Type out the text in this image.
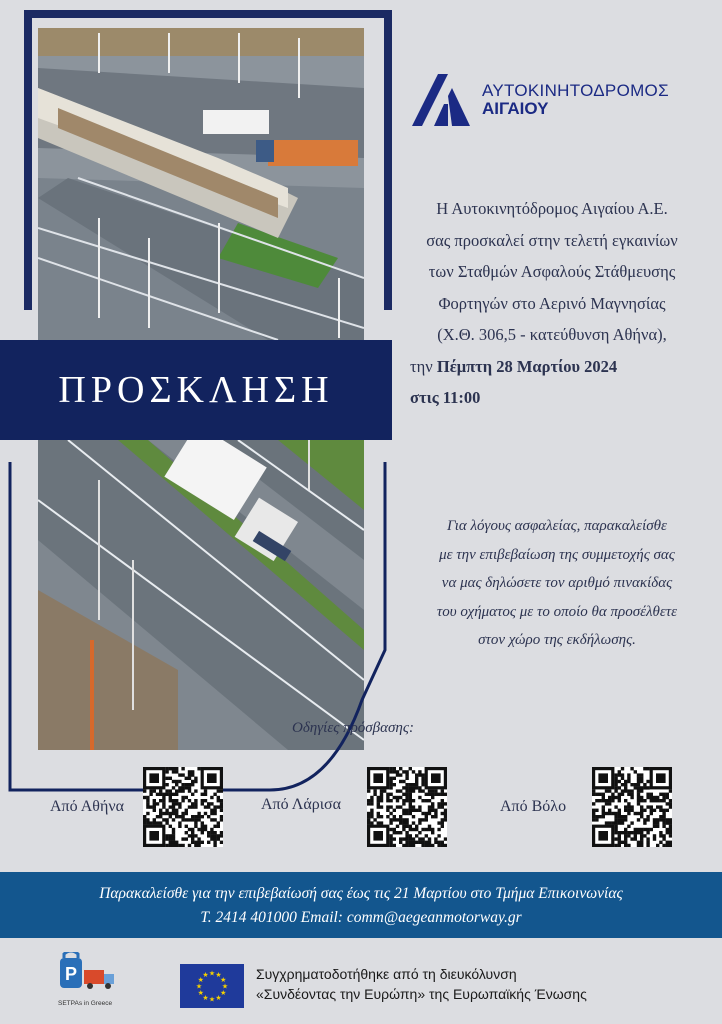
ΠΡΟΣΚΛΗΣΗ
ΑΥΤΟΚΙΝΗΤΟΔΡΟΜΟΣ
ΑΙΓΑΙΟΥ
Η Αυτοκινητόδρομος Αιγαίου Α.Ε.
σας προσκαλεί στην τελετή εγκαινίων
των Σταθμών Ασφαλούς Στάθμευσης
Φορτηγών στο Αερινό Μαγνησίας
(Χ.Θ. 306,5 - κατεύθυνση Αθήνα),
την Πέμπτη 28 Μαρτίου 2024
στις 11:00
Για λόγους ασφαλείας, παρακαλείσθε
με την επιβεβαίωση της συμμετοχής σας
να μας δηλώσετε τον αριθμό πινακίδας
του οχήματος με το οποίο θα προσέλθετε
στον χώρο της εκδήλωσης.
Οδηγίες πρόσβασης:
Από Αθήνα	Από Λάρισα	Από Βόλο
Παρακαλείσθε για την επιβεβαίωσή σας έως τις 21 Μαρτίου στο Τμήμα Επικοινωνίας
Τ. 2414 401000 Email: comm@aegeanmotorway.gr
P
SETPAs in Greece
★
★
★
★
★
★
★
★
★ ★ ★
★ Συγχρηματοδοτήθηκε από τη διευκόλυνση
«Συνδέοντας την Ευρώπη» της Ευρωπαϊκής Ένωσης
